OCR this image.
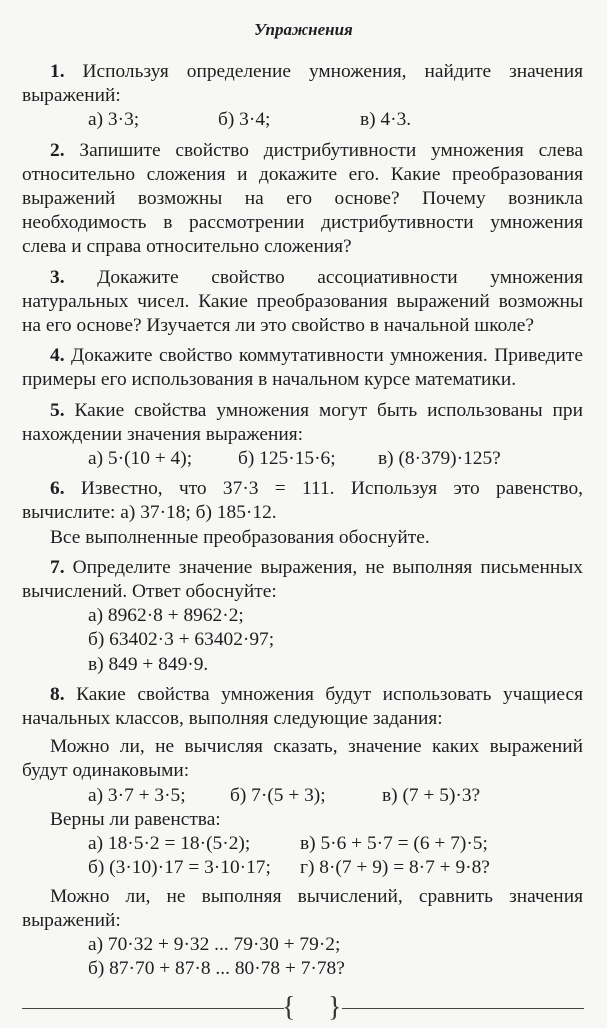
Упражнения

1. Используя определение умножения, найдите значения выражений:

а) 3·3;	б) 3·4;	в) 4·3.

2. Запишите свойство дистрибутивности умножения слева относительно сложения и докажите его. Какие преобразования выражений возможны на его основе? Почему возникла необходимость в рассмотрении дистрибутивности умножения слева и справа относительно сложения?

3. Докажите свойство ассоциативности умножения натуральных чисел. Какие преобразования выражений возможны на его основе? Изучается ли это свойство в начальной школе?

4. Докажите свойство коммутативности умножения. Приведите примеры его использования в начальном курсе математики.

5. Какие свойства умножения могут быть использованы при нахождении значения выражения:

а) 5·(10 + 4);	б) 125·15·6;	в) (8·379)·125?

6. Известно, что 37·3 = 111. Используя это равенство, вычислите: а) 37·18; б) 185·12.

Все выполненные преобразования обоснуйте.

7. Определите значение выражения, не выполняя письменных вычислений. Ответ обоснуйте:

а) 8962·8 + 8962·2;
б) 63402·3 + 63402·97;
в) 849 + 849·9.

8. Какие свойства умножения будут использовать учащиеся начальных классов, выполняя следующие задания:

Можно ли, не вычисляя сказать, значение каких выражений будут одинаковыми:

а) 3·7 + 3·5;	б) 7·(5 + 3);	в) (7 + 5)·3?

Верны ли равенства:

а) 18·5·2 = 18·(5·2);	в) 5·6 + 5·7 = (6 + 7)·5;
б) (3·10)·17 = 3·10·17;	г) 8·(7 + 9) = 8·7 + 9·8?

Можно ли, не выполняя вычислений, сравнить значения выражений:

а) 70·32 + 9·32 ... 79·30 + 79·2;
б) 87·70 + 87·8 ... 80·78 + 7·78?
{ }
